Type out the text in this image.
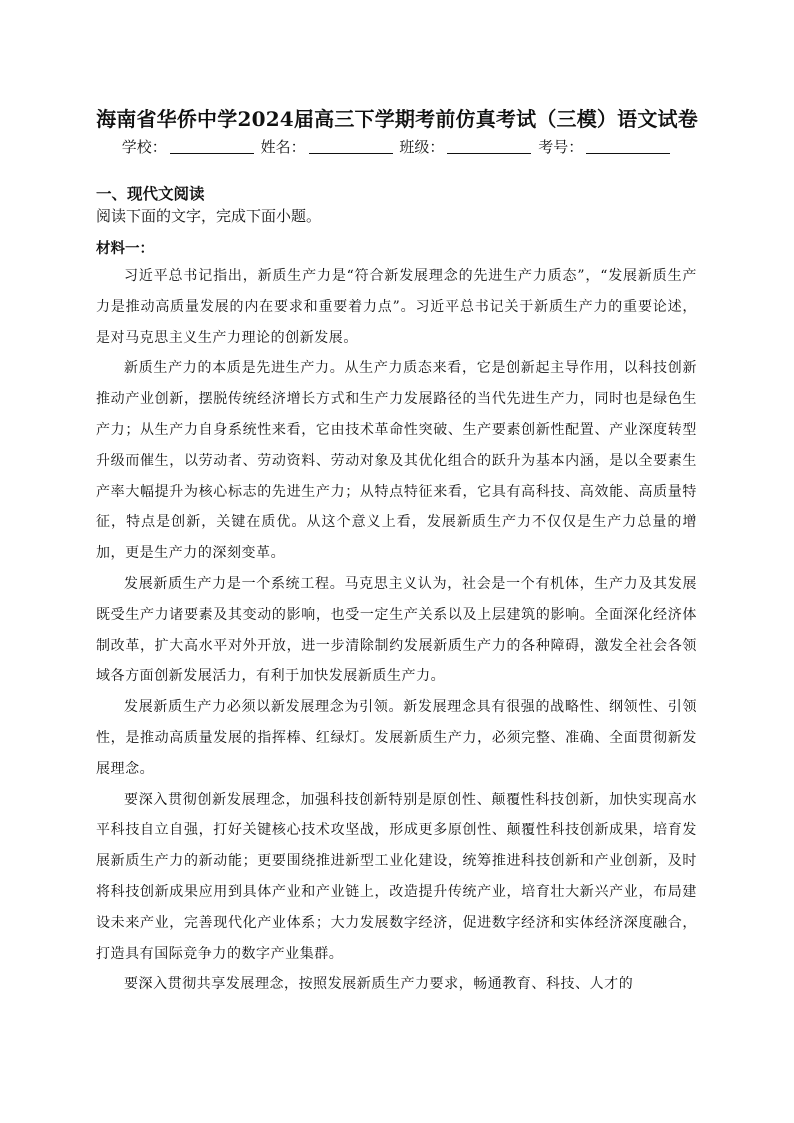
海南省华侨中学2024届高三下学期考前仿真考试（三模）语文试卷
学校：	姓名：	班级：	考号：
一、现代文阅读
阅读下面的文字，完成下面小题。
材料一：

习近平总书记指出，新质生产力是“符合新发展理念的先进生产力质态”，“发展新质生产力是推动高质量发展的内在要求和重要着力点”。习近平总书记关于新质生产力的重要论述，是对马克思主义生产力理论的创新发展。

新质生产力的本质是先进生产力。从生产力质态来看，它是创新起主导作用，以科技创新推动产业创新，摆脱传统经济增长方式和生产力发展路径的当代先进生产力，同时也是绿色生产力；从生产力自身系统性来看，它由技术革命性突破、生产要素创新性配置、产业深度转型升级而催生，以劳动者、劳动资料、劳动对象及其优化组合的跃升为基本内涵，是以全要素生产率大幅提升为核心标志的先进生产力；从特点特征来看，它具有高科技、高效能、高质量特征，特点是创新，关键在质优。从这个意义上看，发展新质生产力不仅仅是生产力总量的增加，更是生产力的深刻变革。

发展新质生产力是一个系统工程。马克思主义认为，社会是一个有机体，生产力及其发展既受生产力诸要素及其变动的影响，也受一定生产关系以及上层建筑的影响。全面深化经济体制改革，扩大高水平对外开放，进一步清除制约发展新质生产力的各种障碍，激发全社会各领域各方面创新发展活力，有利于加快发展新质生产力。

发展新质生产力必须以新发展理念为引领。新发展理念具有很强的战略性、纲领性、引领性，是推动高质量发展的指挥棒、红绿灯。发展新质生产力，必须完整、准确、全面贯彻新发展理念。

要深入贯彻创新发展理念，加强科技创新特别是原创性、颠覆性科技创新，加快实现高水平科技自立自强，打好关键核心技术攻坚战，形成更多原创性、颠覆性科技创新成果，培育发展新质生产力的新动能；更要围绕推进新型工业化建设，统筹推进科技创新和产业创新，及时将科技创新成果应用到具体产业和产业链上，改造提升传统产业，培育壮大新兴产业，布局建设未来产业，完善现代化产业体系；大力发展数字经济，促进数字经济和实体经济深度融合，打造具有国际竞争力的数字产业集群。

要深入贯彻共享发展理念，按照发展新质生产力要求，畅通教育、科技、人才的
